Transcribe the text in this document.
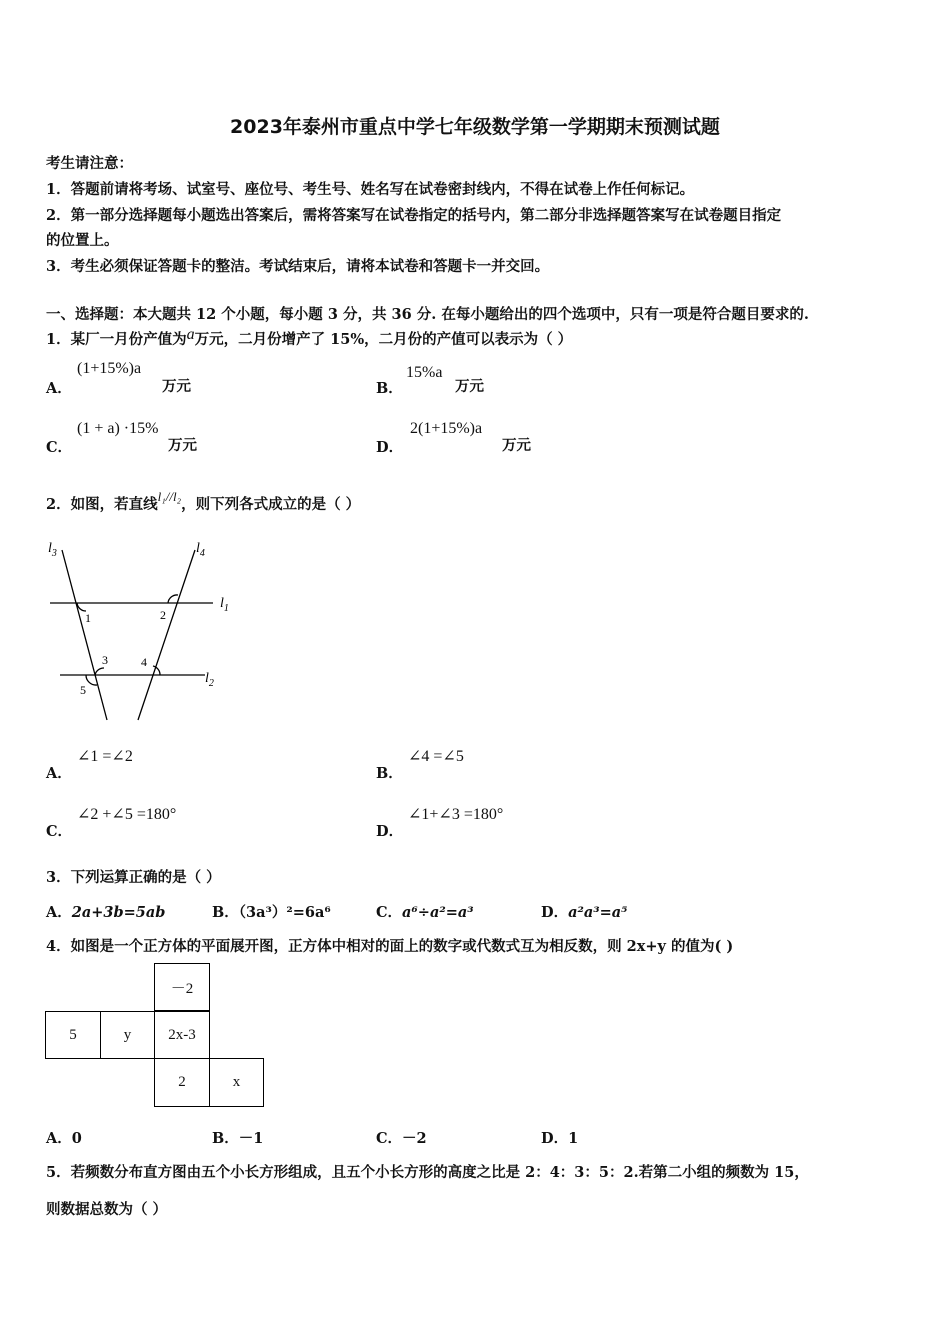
2023年泰州市重点中学七年级数学第一学期期末预测试题
考生请注意：
1．答题前请将考场、试室号、座位号、考生号、姓名写在试卷密封线内，不得在试卷上作任何标记。
2．第一部分选择题每小题选出答案后，需将答案写在试卷指定的括号内，第二部分非选择题答案写在试卷题目指定
的位置上。
3．考生必须保证答题卡的整洁。考试结束后，请将本试卷和答题卡一并交回。
一、选择题：本大题共 12 个小题，每小题 3 分，共 36 分. 在每小题给出的四个选项中，只有一项是符合题目要求的.
1．某厂一月份产值为a万元，二月份增产了 15%，二月份的产值可以表示为（ ）
A．
(1+15%)a
万元	B．
15%a
万元
C．
(1 + a) ·15%
万元	D．
2(1+15%)a
万元
2．如图，若直线l₁//l₂，则下列各式成立的是（ ）
$l_3$	$l_4$
$l_1$
$l_2$
1	2
3	4
5
A．
∠1 =∠2
B．
∠4 =∠5
C．
∠2 +∠5 =180°
D．
∠1+∠3 =180°
3．下列运算正确的是（ ）
A．2a+3b=5ab	B．（3a³）²=6a⁶	C．a⁶÷a²=a³	D．a²a³=a⁵
4．如图是一个正方体的平面展开图，正方体中相对的面上的数字或代数式互为相反数，则 2x+y 的值为( )
－2
5	y	2x-3
2	x
A．0	B．－1	C．－2	D．1
5．若频数分布直方图由五个小长方形组成，且五个小长方形的高度之比是 2：4：3：5：2.若第二小组的频数为 15，
则数据总数为（ ）
